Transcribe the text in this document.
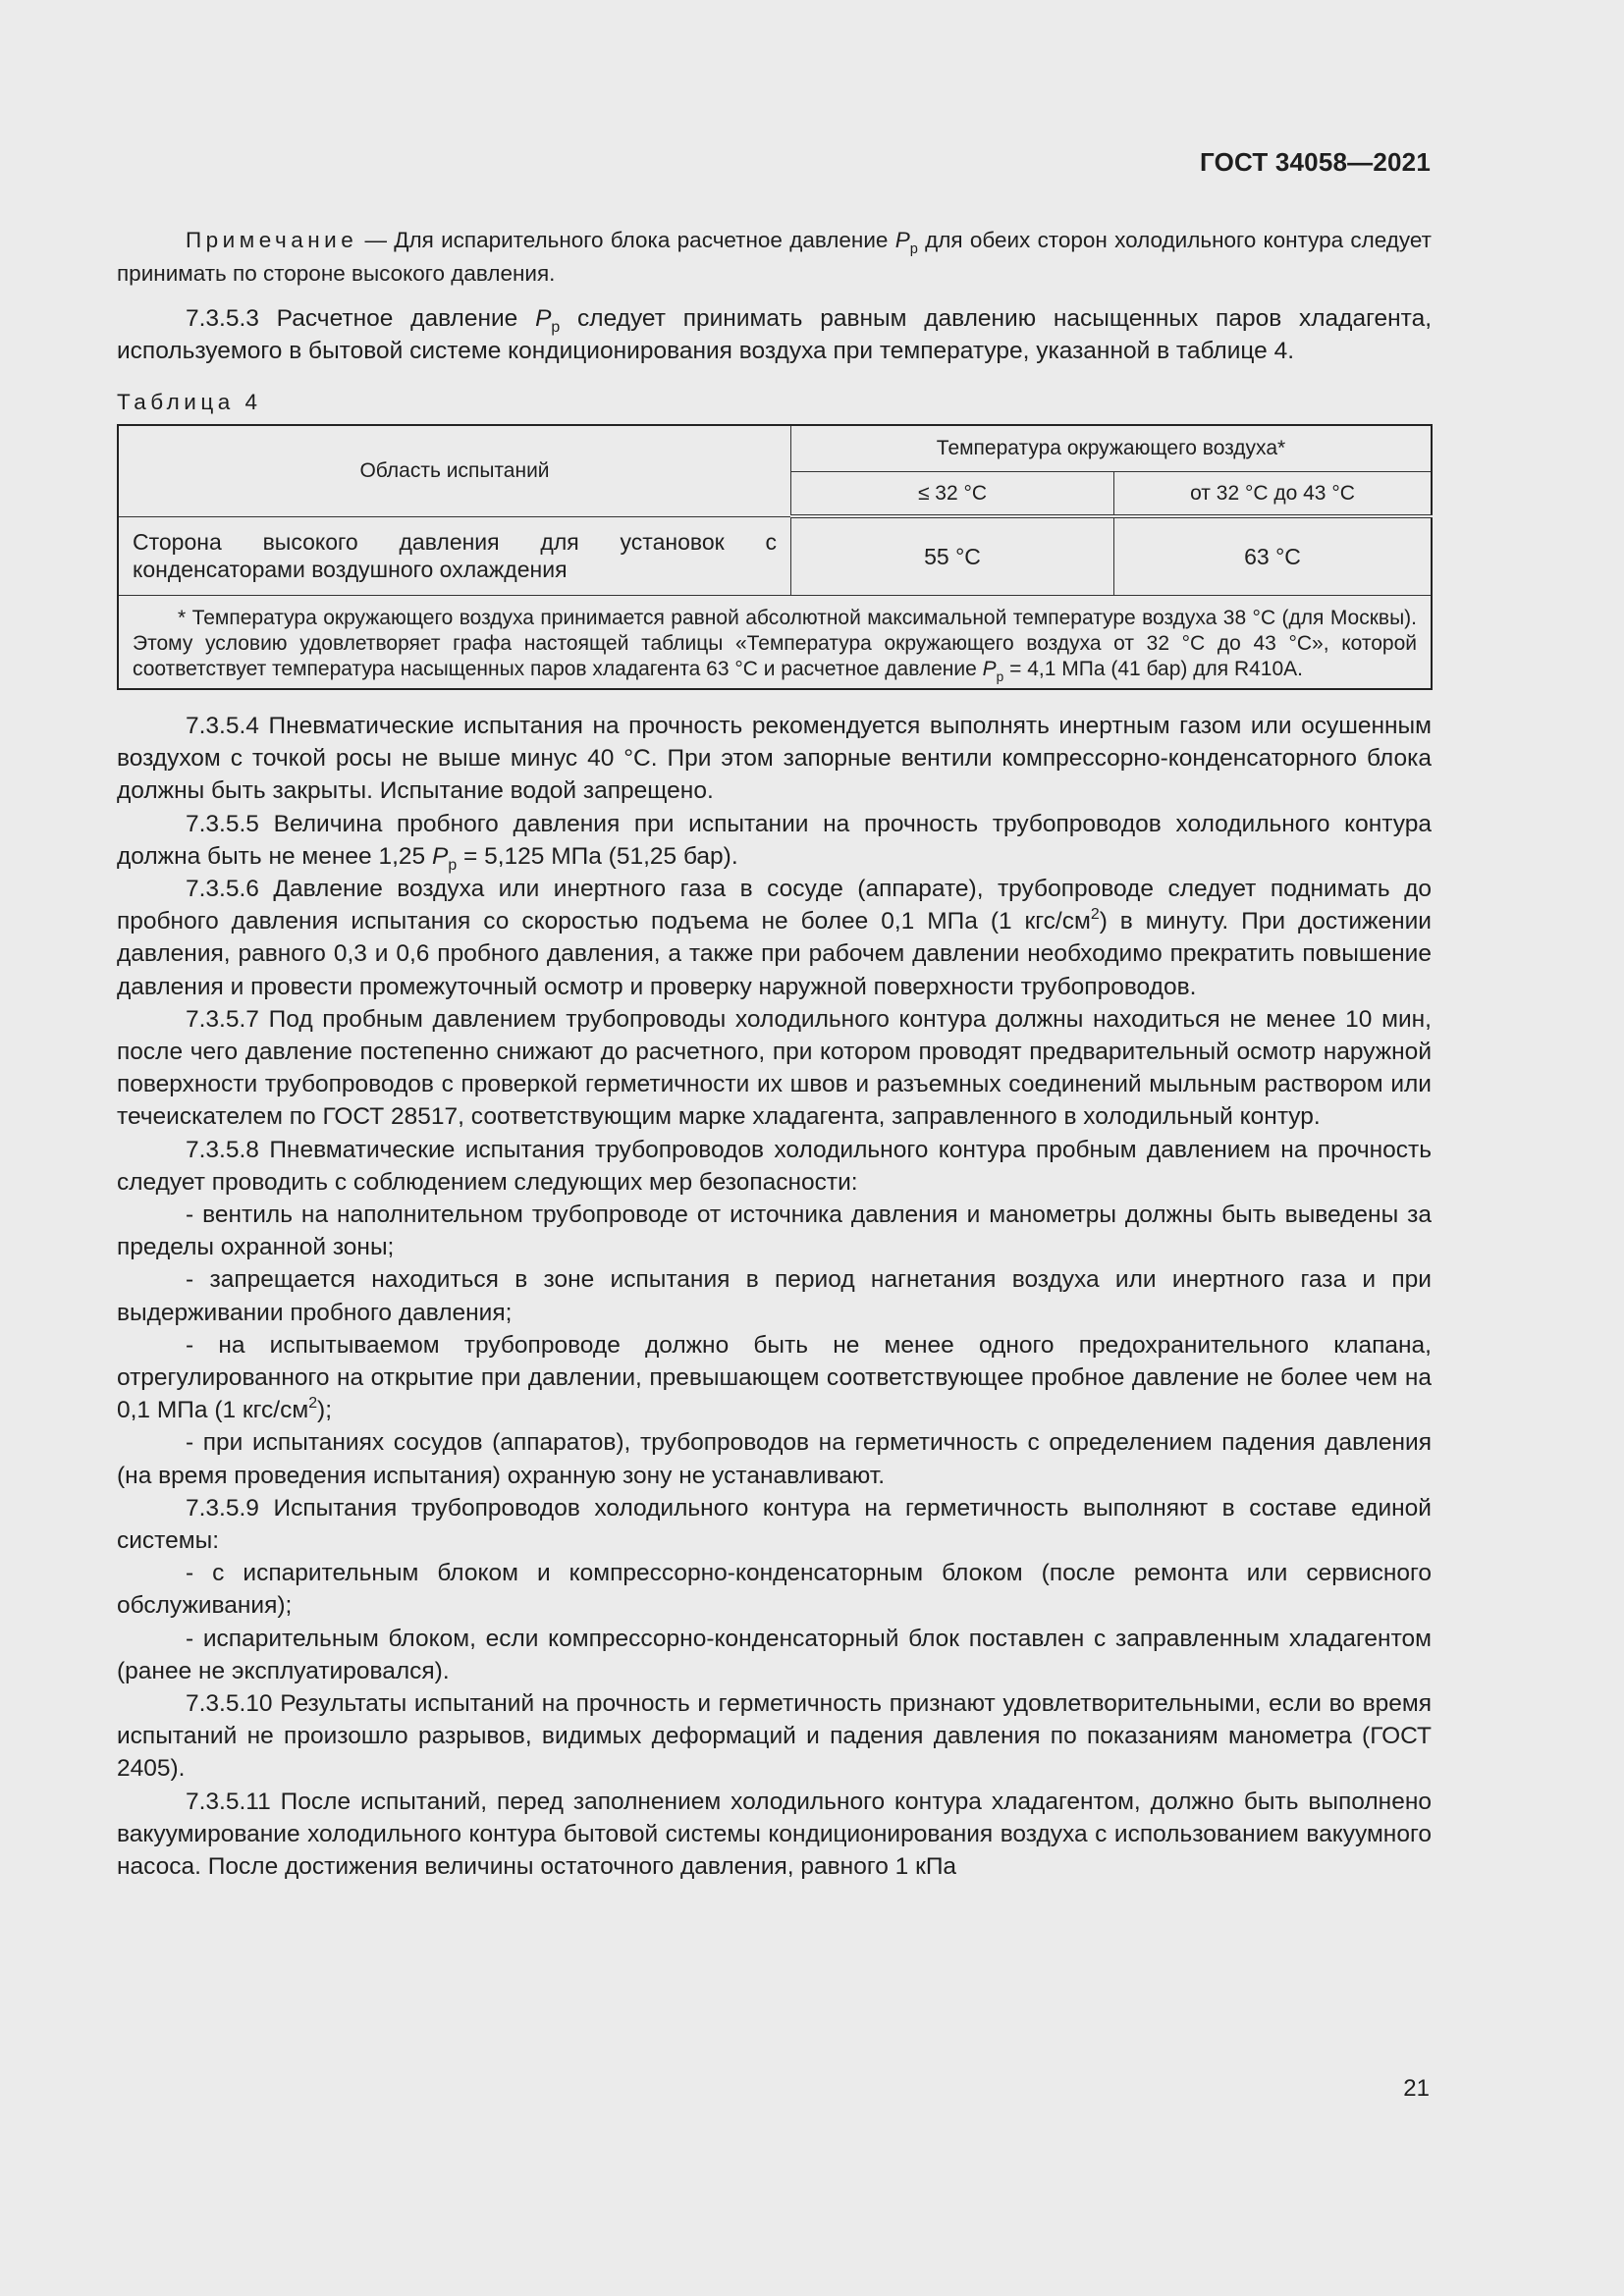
ГОСТ 34058—2021

Примечание — Для испарительного блока расчетное давление $P_р$ для обеих сторон холодильного контура следует принимать по стороне высокого давления.

7.3.5.3 Расчетное давление $P_р$ следует принимать равным давлению насыщенных паров хладагента, используемого в бытовой системе кондиционирования воздуха при температуре, указанной в таблице 4.

Таблица 4
Область испытаний	Температура окружающего воздуха*	
	≤ 32 °С	от 32 °С до 43 °С
Сторона высокого давления для установок с конденсаторами воздушного охлаждения	55 °С	63 °С
* Температура окружающего воздуха принимается равной абсолютной максимальной температуре воздуха 38 °С (для Москвы). Этому условию удовлетворяет графа настоящей таблицы «Температура окружающего воздуха от 32 °С до 43 °С», которой соответствует температура насыщенных паров хладагента 63 °С и расчетное давление $P_р = 4,1$ МПа (41 бар) для R410A.		

7.3.5.4 Пневматические испытания на прочность рекомендуется выполнять инертным газом или осушенным воздухом с точкой росы не выше минус 40 °С. При этом запорные вентили компрессорно-конденсаторного блока должны быть закрыты. Испытание водой запрещено.

7.3.5.5 Величина пробного давления при испытании на прочность трубопроводов холодильного контура должна быть не менее 1,25 $P_р = 5,125$ МПа (51,25 бар).

7.3.5.6 Давление воздуха или инертного газа в сосуде (аппарате), трубопроводе следует поднимать до пробного давления испытания со скоростью подъема не более 0,1 МПа (1 кгс/$см^2$) в минуту. При достижении давления, равного 0,3 и 0,6 пробного давления, а также при рабочем давлении необходимо прекратить повышение давления и провести промежуточный осмотр и проверку наружной поверхности трубопроводов.

7.3.5.7 Под пробным давлением трубопроводы холодильного контура должны находиться не менее 10 мин, после чего давление постепенно снижают до расчетного, при котором проводят предварительный осмотр наружной поверхности трубопроводов с проверкой герметичности их швов и разъемных соединений мыльным раствором или течеискателем по ГОСТ 28517, соответствующим марке хладагента, заправленного в холодильный контур.

7.3.5.8 Пневматические испытания трубопроводов холодильного контура пробным давлением на прочность следует проводить с соблюдением следующих мер безопасности:

- вентиль на наполнительном трубопроводе от источника давления и манометры должны быть выведены за пределы охранной зоны;

- запрещается находиться в зоне испытания в период нагнетания воздуха или инертного газа и при выдерживании пробного давления;

- на испытываемом трубопроводе должно быть не менее одного предохранительного клапана, отрегулированного на открытие при давлении, превышающем соответствующее пробное давление не более чем на 0,1 МПа (1 кгс/$см^2$);

- при испытаниях сосудов (аппаратов), трубопроводов на герметичность с определением падения давления (на время проведения испытания) охранную зону не устанавливают.

7.3.5.9 Испытания трубопроводов холодильного контура на герметичность выполняют в составе единой системы:

- с испарительным блоком и компрессорно-конденсаторным блоком (после ремонта или сервисного обслуживания);

- испарительным блоком, если компрессорно-конденсаторный блок поставлен с заправленным хладагентом (ранее не эксплуатировался).

7.3.5.10 Результаты испытаний на прочность и герметичность признают удовлетворительными, если во время испытаний не произошло разрывов, видимых деформаций и падения давления по показаниям манометра (ГОСТ 2405).

7.3.5.11 После испытаний, перед заполнением холодильного контура хладагентом, должно быть выполнено вакуумирование холодильного контура бытовой системы кондиционирования воздуха с использованием вакуумного насоса. После достижения величины остаточного давления, равного 1 кПа

21
